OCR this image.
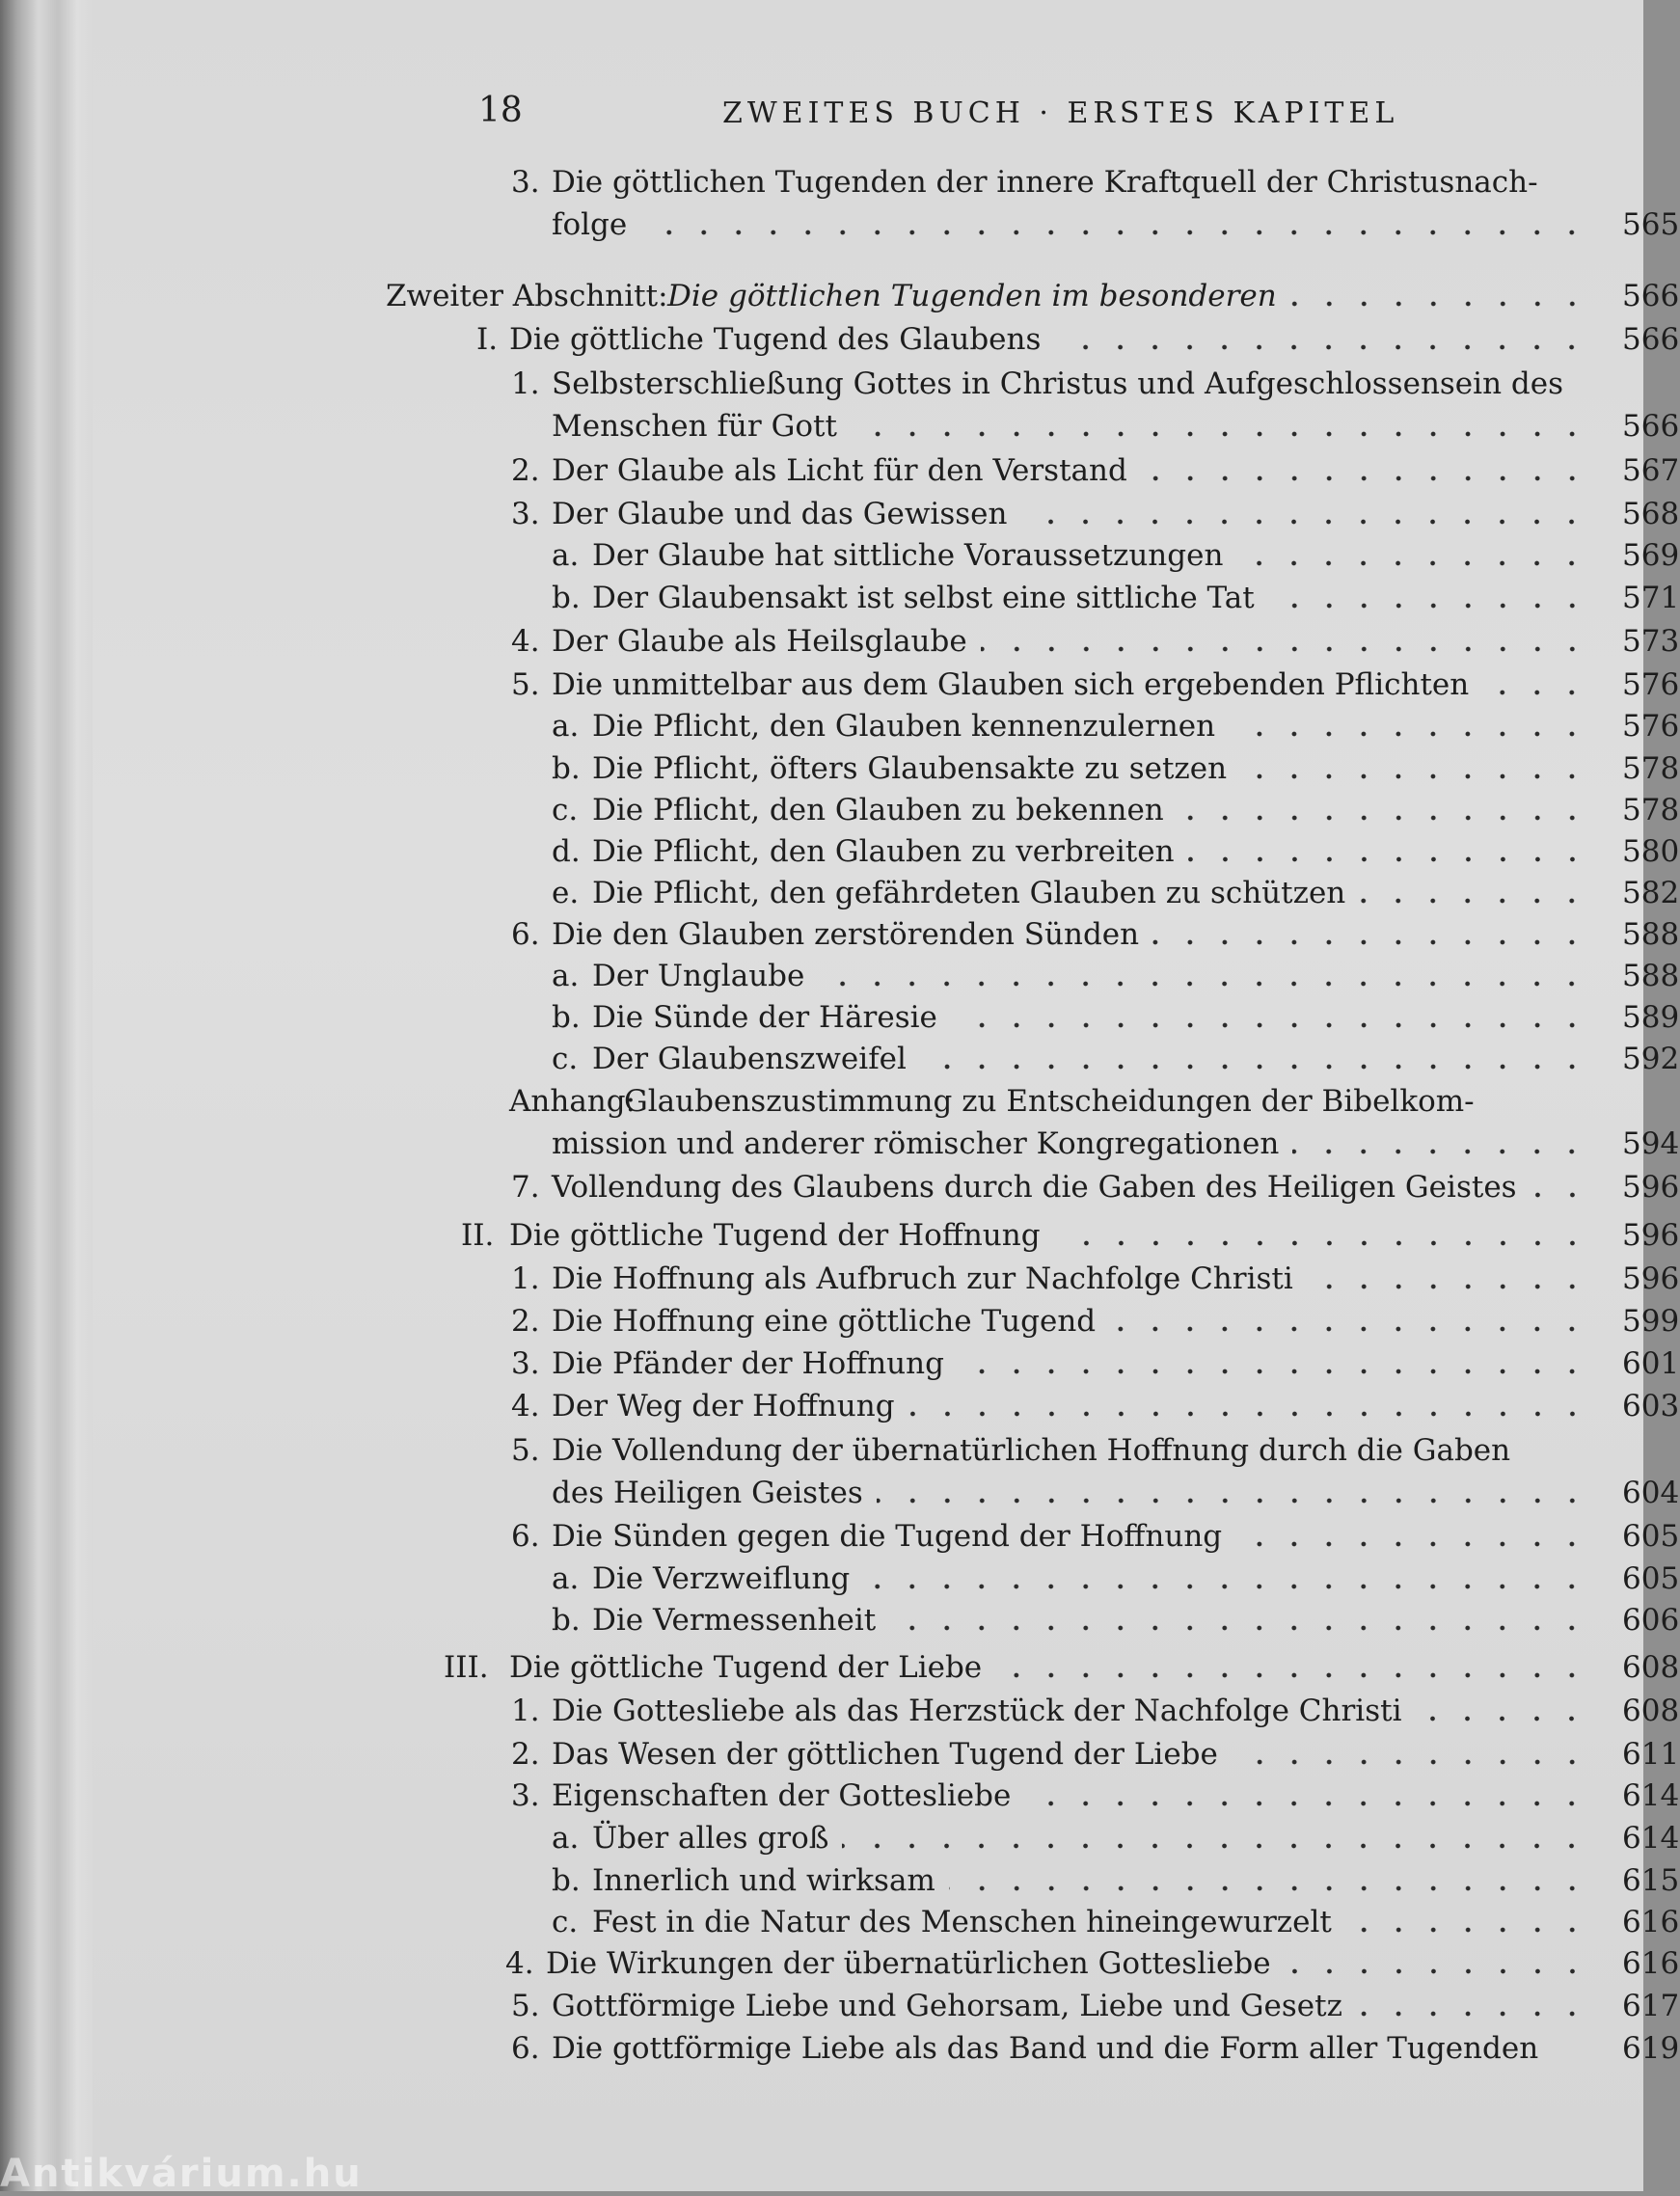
18	ZWEITES BUCH · ERSTES KAPITEL
3. Die göttlichen Tugenden der innere Kraftquell der Christusnach-
folge	565
Zweiter Abschnitt: Die göttlichen Tugenden im besonderen	566
I. Die göttliche Tugend des Glaubens	566
1. Selbsterschließung Gottes in Christus und Aufgeschlossensein des
Menschen für Gott	566
2. Der Glaube als Licht für den Verstand	567
3. Der Glaube und das Gewissen	568
a. Der Glaube hat sittliche Voraussetzungen	569
b. Der Glaubensakt ist selbst eine sittliche Tat	571
4. Der Glaube als Heilsglaube	573
5. Die unmittelbar aus dem Glauben sich ergebenden Pflichten	576
a. Die Pflicht, den Glauben kennenzulernen	576
b. Die Pflicht, öfters Glaubensakte zu setzen	578
c. Die Pflicht, den Glauben zu bekennen	578
d. Die Pflicht, den Glauben zu verbreiten	580
e. Die Pflicht, den gefährdeten Glauben zu schützen	582
6. Die den Glauben zerstörenden Sünden	588
a. Der Unglaube	588
b. Die Sünde der Häresie	589
c. Der Glaubenszweifel	592
Anhang:
Glaubenszustimmung zu Entscheidungen der Bibelkom-
mission und anderer römischer Kongregationen	594
7. Vollendung des Glaubens durch die Gaben des Heiligen Geistes	596
II. Die göttliche Tugend der Hoffnung	596
1. Die Hoffnung als Aufbruch zur Nachfolge Christi	596
2. Die Hoffnung eine göttliche Tugend	599
3. Die Pfänder der Hoffnung	601
4. Der Weg der Hoffnung	603
5. Die Vollendung der übernatürlichen Hoffnung durch die Gaben
des Heiligen Geistes	604
6. Die Sünden gegen die Tugend der Hoffnung	605
a. Die Verzweiflung	605
b. Die Vermessenheit	606
III. Die göttliche Tugend der Liebe	608
1. Die Gottesliebe als das Herzstück der Nachfolge Christi	608
2. Das Wesen der göttlichen Tugend der Liebe	611
3. Eigenschaften der Gottesliebe	614
a. Über alles groß	614
b. Innerlich und wirksam	615
c. Fest in die Natur des Menschen hineingewurzelt	616
4. Die Wirkungen der übernatürlichen Gottesliebe	616
5. Gottförmige Liebe und Gehorsam, Liebe und Gesetz	617
6. Die gottförmige Liebe als das Band und die Form aller Tugenden	619
Antikvárium.hu
